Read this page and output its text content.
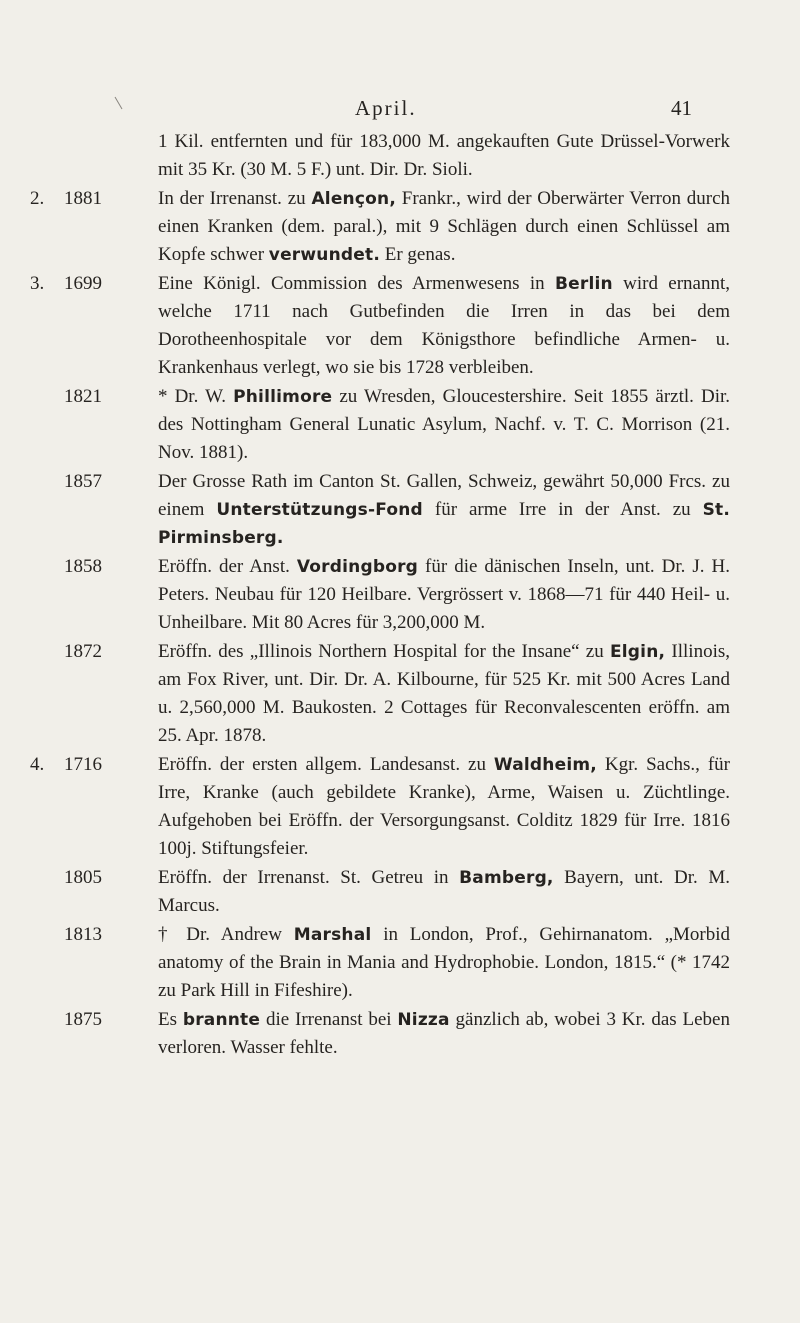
April.	41
1 Kil. entfernten und für 183,000 M. angekauften Gute Drüssel-Vorwerk mit 35 Kr. (30 M. 5 F.) unt. Dir. Dr. Sioli.
2. 1881	In der Irrenanst. zu Alençon, Frankr., wird der Oberwärter Verron durch einen Kranken (dem. paral.), mit 9 Schlägen durch einen Schlüssel am Kopfe schwer verwundet. Er genas.
3. 1699	Eine Königl. Commission des Armenwesens in Berlin wird ernannt, welche 1711 nach Gutbefinden die Irren in das bei dem Dorotheenhospitale vor dem Königsthore befindliche Armen- u. Krankenhaus verlegt, wo sie bis 1728 verbleiben.
1821	* Dr. W. Phillimore zu Wresden, Gloucestershire. Seit 1855 ärztl. Dir. des Nottingham General Lunatic Asylum, Nachf. v. T. C. Morrison (21. Nov. 1881).
1857	Der Grosse Rath im Canton St. Gallen, Schweiz, gewährt 50,000 Frcs. zu einem Unterstützungs-Fond für arme Irre in der Anst. zu St. Pirminsberg.
1858	Eröffn. der Anst. Vordingborg für die dänischen Inseln, unt. Dr. J. H. Peters. Neubau für 120 Heilbare. Vergrössert v. 1868—71 für 440 Heil- u. Unheilbare. Mit 80 Acres für 3,200,000 M.
1872	Eröffn. des „Illinois Northern Hospital for the Insane“ zu Elgin, Illinois, am Fox River, unt. Dir. Dr. A. Kilbourne, für 525 Kr. mit 500 Acres Land u. 2,560,000 M. Baukosten. 2 Cottages für Reconvalescenten eröffn. am 25. Apr. 1878.
4. 1716	Eröffn. der ersten allgem. Landesanst. zu Waldheim, Kgr. Sachs., für Irre, Kranke (auch gebildete Kranke), Arme, Waisen u. Züchtlinge. Aufgehoben bei Eröffn. der Versorgungsanst. Colditz 1829 für Irre. 1816 100j. Stiftungsfeier.
1805	Eröffn. der Irrenanst. St. Getreu in Bamberg, Bayern, unt. Dr. M. Marcus.
1813	† Dr. Andrew Marshal in London, Prof., Gehirnanatom. „Morbid anatomy of the Brain in Mania and Hydrophobie. London, 1815.“ (* 1742 zu Park Hill in Fifeshire).
1875	Es brannte die Irrenanst bei Nizza gänzlich ab, wobei 3 Kr. das Leben verloren. Wasser fehlte.
